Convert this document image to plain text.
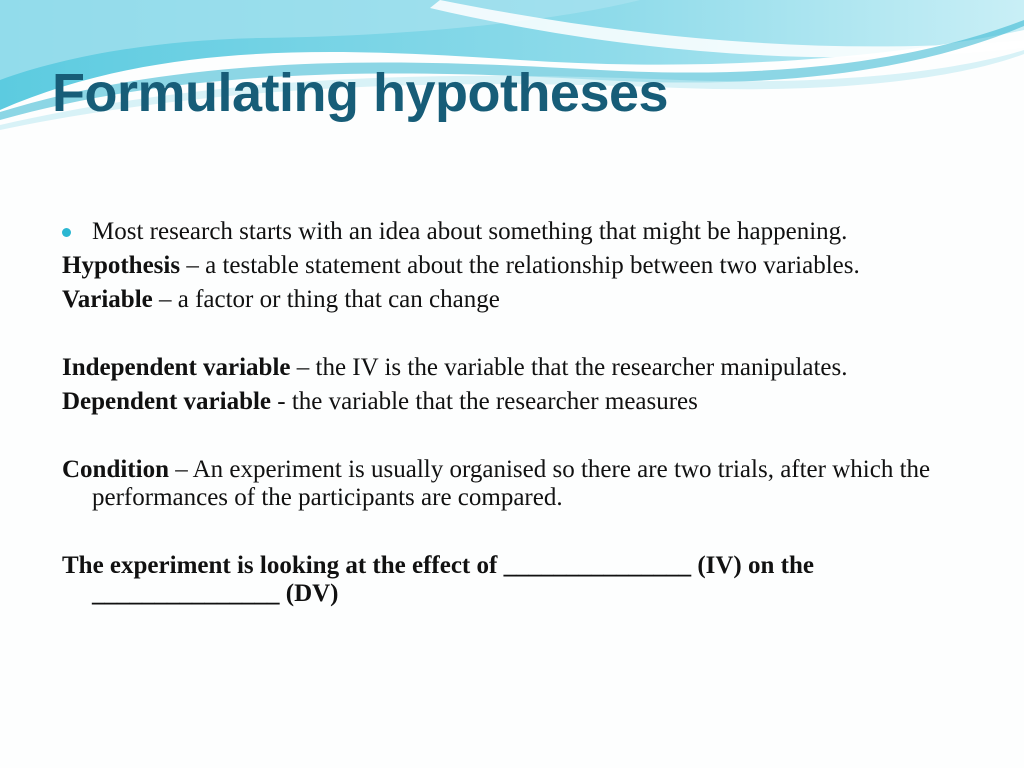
Formulating hypotheses

Most research starts with an idea about something that might be happening.

Hypothesis – a testable statement about the relationship between two variables.

Variable – a factor or thing that can change

Independent variable – the IV is the variable that the researcher manipulates.

Dependent variable - the variable that the researcher measures

Condition – An experiment is usually organised so there are two trials, after which the performances of the participants are compared.

The experiment is looking at the effect of _______________ (IV) on the _______________ (DV)
